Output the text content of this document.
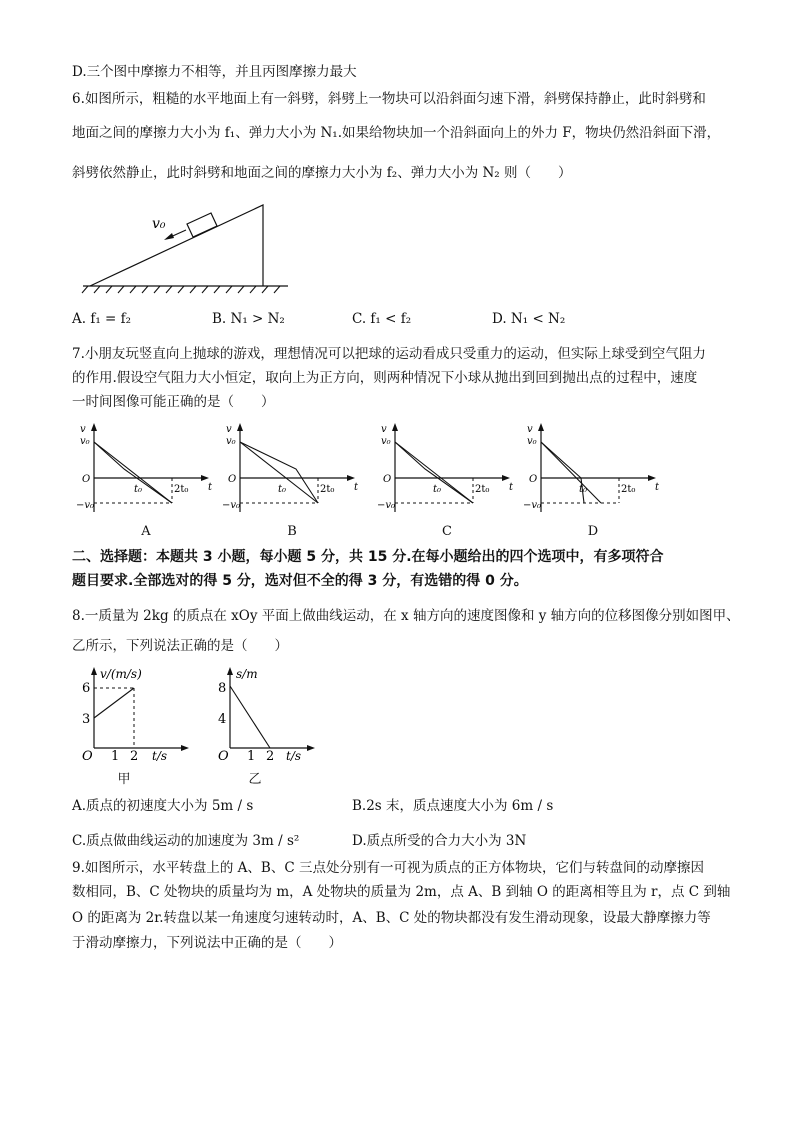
D.三个图中摩擦力不相等，并且丙图摩擦力最大
6.如图所示，粗糙的水平地面上有一斜劈，斜劈上一物块可以沿斜面匀速下滑，斜劈保持静止，此时斜劈和
地面之间的摩擦力大小为 f₁、弹力大小为 N₁.如果给物块加一个沿斜面向上的外力 F，物块仍然沿斜面下滑，
斜劈依然静止，此时斜劈和地面之间的摩擦力大小为 f₂、弹力大小为 N₂ 则（　　）
v₀
A. f₁ = f₂	B. N₁ > N₂	C. f₁ < f₂	D. N₁ < N₂
7.小朋友玩竖直向上抛球的游戏，理想情况可以把球的运动看成只受重力的运动，但实际上球受到空气阻力
的作用.假设空气阻力大小恒定，取向上为正方向，则两种情况下小球从抛出到回到抛出点的过程中，速度
一时间图像可能正确的是（　　）
v
v₀
O
−v₀
t
t₀	2t₀
v
v₀
O
−v₀
t
t₀	2t₀
v
v₀
O
−v₀
t
t₀	2t₀
v
v₀
O
−v₀
t
t₀	2t₀
A	B	C	D
二、选择题：本题共 3 小题，每小题 5 分，共 15 分.在每小题给出的四个选项中，有多项符合
题目要求.全部选对的得 5 分，选对但不全的得 3 分，有选错的得 0 分。
8.一质量为 2kg 的质点在 xOy 平面上做曲线运动，在 x 轴方向的速度图像和 y 轴方向的位移图像分别如图甲、
乙所示，下列说法正确的是（　　）
v/(m/s)
6
3
O 1 2 t/s
甲
s/m
8
4
O 1 2 t/s
乙
A.质点的初速度大小为 5m / s	B.2s 末，质点速度大小为 6m / s
C.质点做曲线运动的加速度为 3m / s²	D.质点所受的合力大小为 3N
9.如图所示，水平转盘上的 A、B、C 三点处分别有一可视为质点的正方体物块，它们与转盘间的动摩擦因
数相同，B、C 处物块的质量均为 m，A 处物块的质量为 2m，点 A、B 到轴 O 的距离相等且为 r，点 C 到轴
O 的距离为 2r.转盘以某一角速度匀速转动时，A、B、C 处的物块都没有发生滑动现象，设最大静摩擦力等
于滑动摩擦力，下列说法中正确的是（　　）
